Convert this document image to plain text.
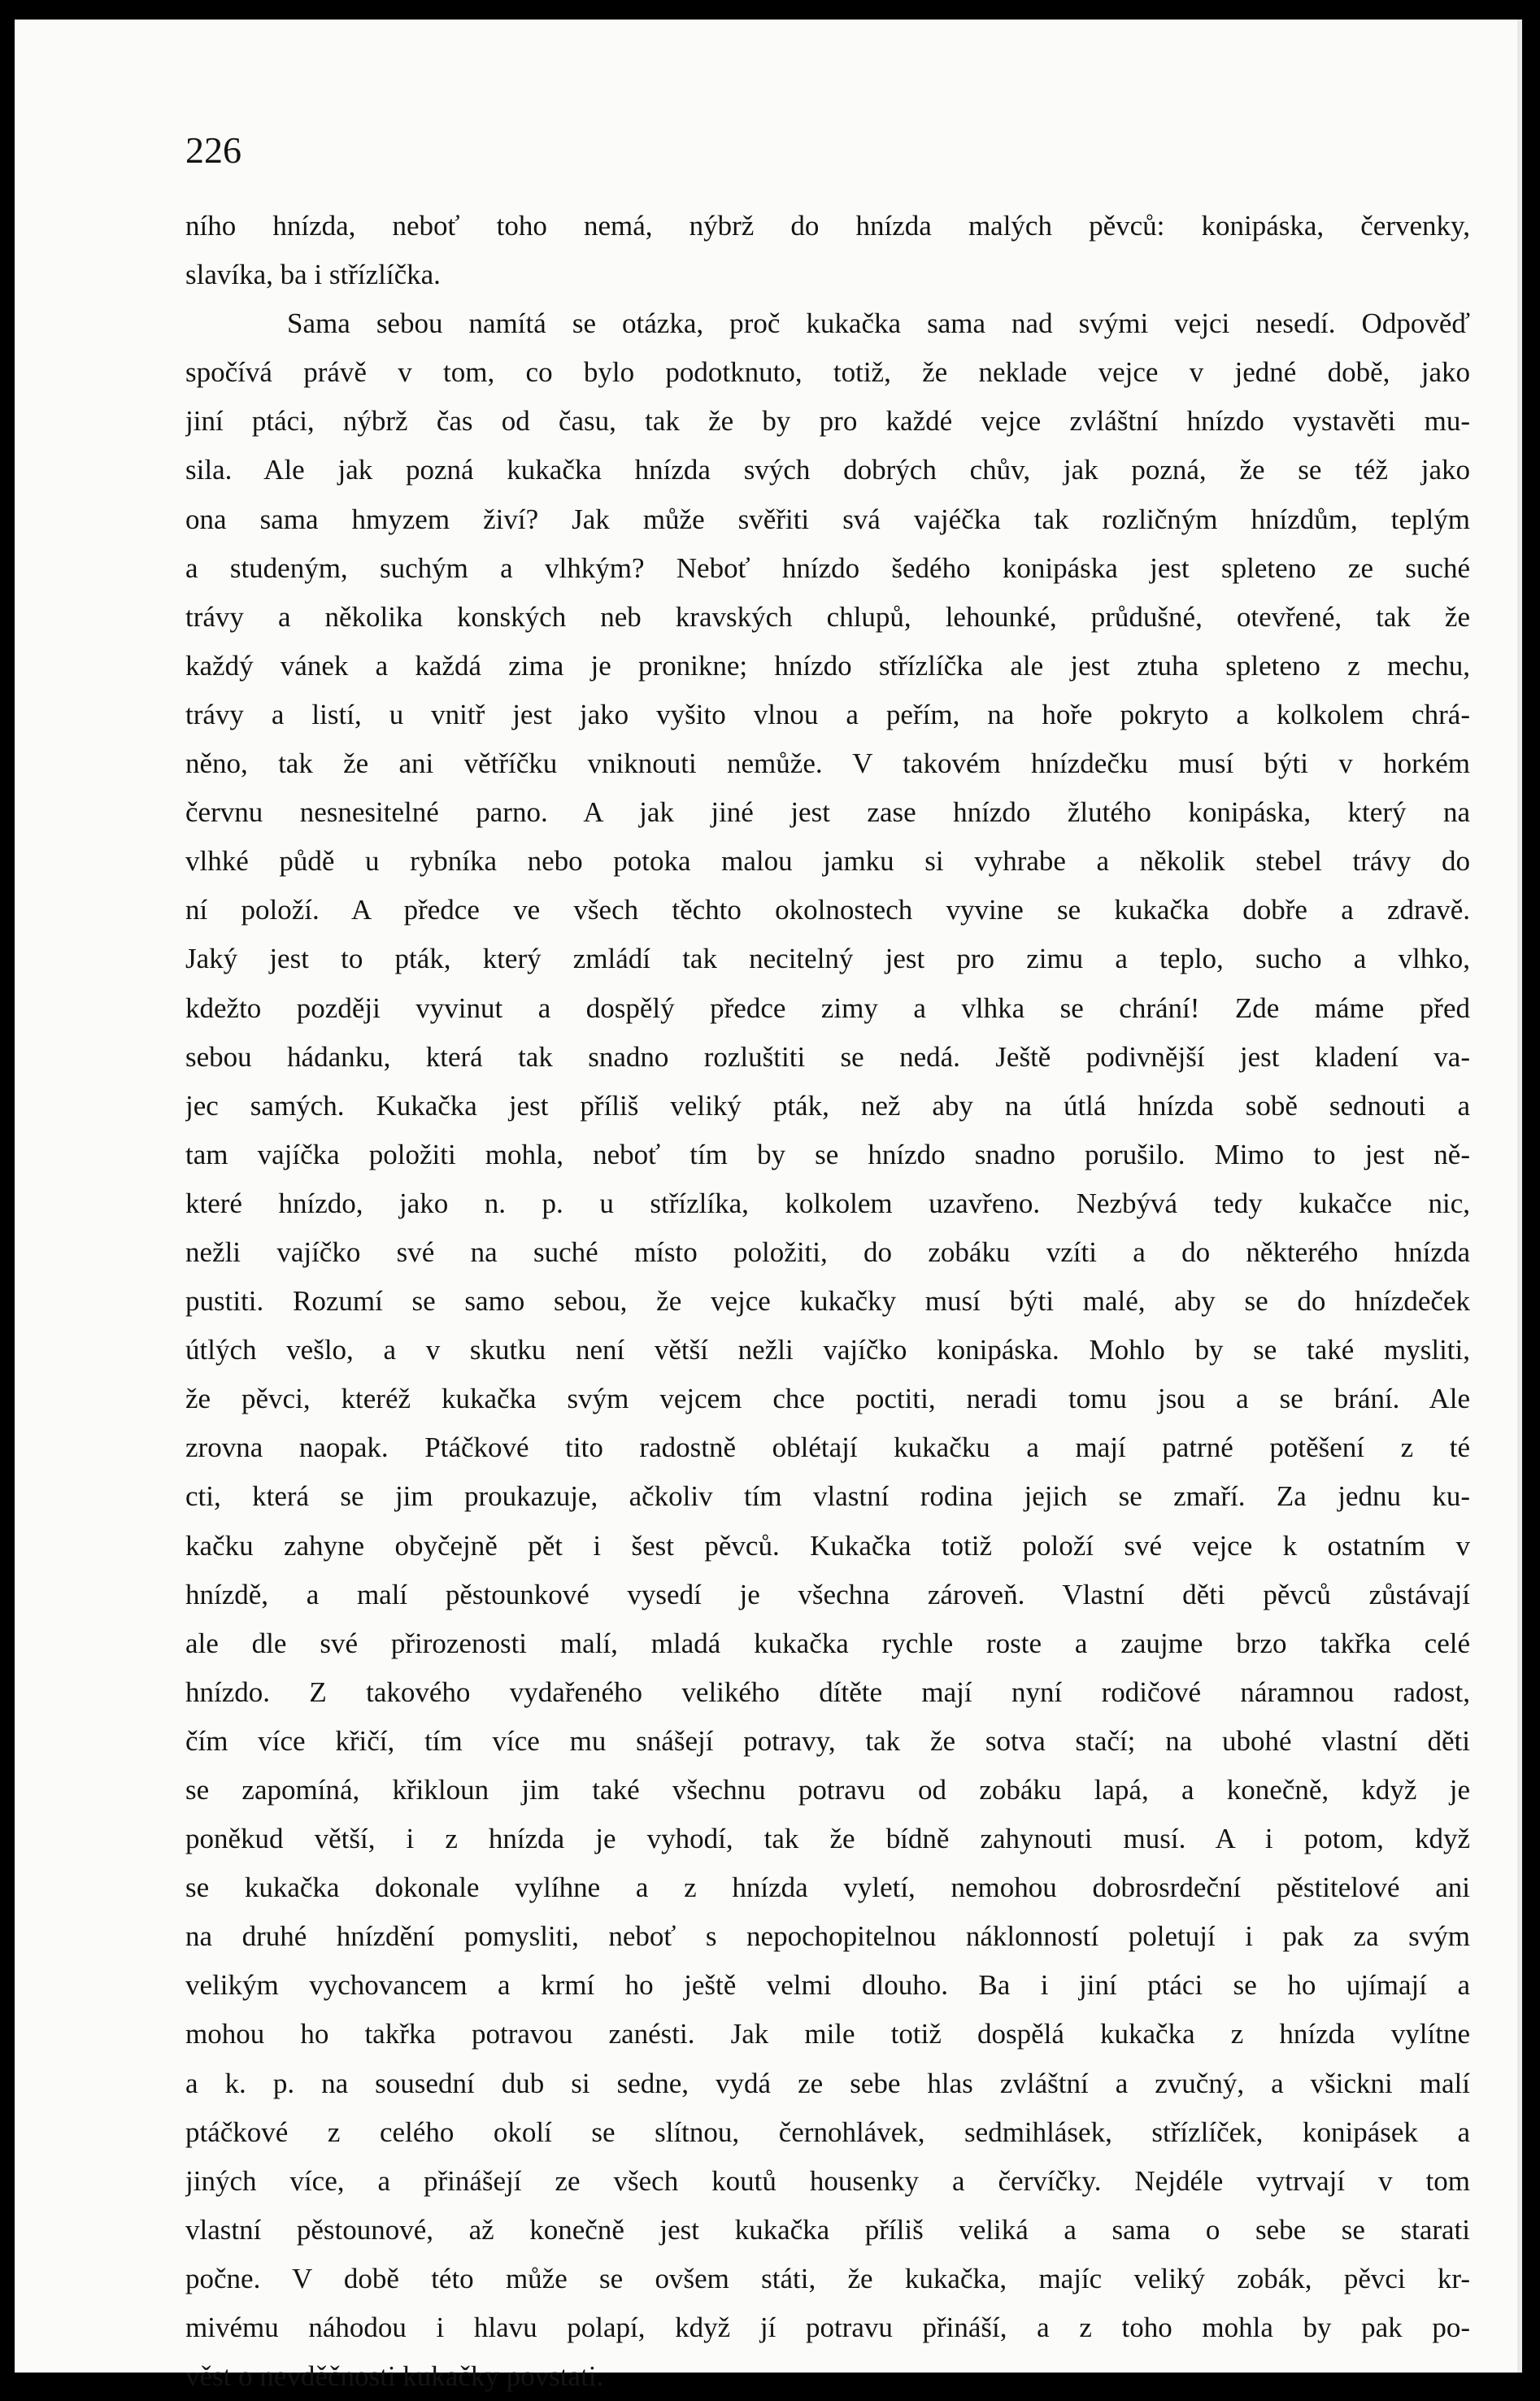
226
ního hnízda, neboť toho nemá, nýbrž do hnízda malých pěvců: konipáska, červenky,
slavíka, ba i střízlíčka.
Sama sebou namítá se otázka, proč kukačka sama nad svými vejci nesedí. Odpověď
spočívá právě v tom, co bylo podotknuto, totiž, že neklade vejce v jedné době, jako
jiní ptáci, nýbrž čas od času, tak že by pro každé vejce zvláštní hnízdo vystavěti mu-
sila. Ale jak pozná kukačka hnízda svých dobrých chův, jak pozná, že se též jako
ona sama hmyzem živí? Jak může svěřiti svá vajéčka tak rozličným hnízdům, teplým
a studeným, suchým a vlhkým? Neboť hnízdo šedého konipáska jest spleteno ze suché
trávy a několika konských neb kravských chlupů, lehounké, průdušné, otevřené, tak že
každý vánek a každá zima je pronikne; hnízdo střízlíčka ale jest ztuha spleteno z mechu,
trávy a listí, u vnitř jest jako vyšito vlnou a peřím, na hoře pokryto a kolkolem chrá-
něno, tak že ani větříčku vniknouti nemůže. V takovém hnízdečku musí býti v horkém
červnu nesnesitelné parno. A jak jiné jest zase hnízdo žlutého konipáska, který na
vlhké půdě u rybníka nebo potoka malou jamku si vyhrabe a několik stebel trávy do
ní položí. A předce ve všech těchto okolnostech vyvine se kukačka dobře a zdravě.
Jaký jest to pták, který zmládí tak necitelný jest pro zimu a teplo, sucho a vlhko,
kdežto později vyvinut a dospělý předce zimy a vlhka se chrání! Zde máme před
sebou hádanku, která tak snadno rozluštiti se nedá. Ještě podivnější jest kladení va-
jec samých. Kukačka jest příliš veliký pták, než aby na útlá hnízda sobě sednouti a
tam vajíčka položiti mohla, neboť tím by se hnízdo snadno porušilo. Mimo to jest ně-
které hnízdo, jako n. p. u střízlíka, kolkolem uzavřeno. Nezbývá tedy kukačce nic,
nežli vajíčko své na suché místo položiti, do zobáku vzíti a do některého hnízda
pustiti. Rozumí se samo sebou, že vejce kukačky musí býti malé, aby se do hnízdeček
útlých vešlo, a v skutku není větší nežli vajíčko konipáska. Mohlo by se také mysliti,
že pěvci, kteréž kukačka svým vejcem chce poctiti, neradi tomu jsou a se brání. Ale
zrovna naopak. Ptáčkové tito radostně oblétají kukačku a mají patrné potěšení z té
cti, která se jim proukazuje, ačkoliv tím vlastní rodina jejich se zmaří. Za jednu ku-
kačku zahyne obyčejně pět i šest pěvců. Kukačka totiž položí své vejce k ostatním v
hnízdě, a malí pěstounkové vysedí je všechna zároveň. Vlastní děti pěvců zůstávají
ale dle své přirozenosti malí, mladá kukačka rychle roste a zaujme brzo takřka celé
hnízdo. Z takového vydařeného velikého dítěte mají nyní rodičové náramnou radost,
čím více křičí, tím více mu snášejí potravy, tak že sotva stačí; na ubohé vlastní děti
se zapomíná, křikloun jim také všechnu potravu od zobáku lapá, a konečně, když je
poněkud větší, i z hnízda je vyhodí, tak že bídně zahynouti musí. A i potom, když
se kukačka dokonale vylíhne a z hnízda vyletí, nemohou dobrosrdeční pěstitelové ani
na druhé hnízdění pomysliti, neboť s nepochopitelnou náklonností poletují i pak za svým
velikým vychovancem a krmí ho ještě velmi dlouho. Ba i jiní ptáci se ho ujímají a
mohou ho takřka potravou zanésti. Jak mile totiž dospělá kukačka z hnízda vylítne
a k. p. na sousední dub si sedne, vydá ze sebe hlas zvláštní a zvučný, a všickni malí
ptáčkové z celého okolí se slítnou, černohlávek, sedmihlásek, střízlíček, konipásek a
jiných více, a přinášejí ze všech koutů housenky a červíčky. Nejdéle vytrvají v tom
vlastní pěstounové, až konečně jest kukačka příliš veliká a sama o sebe se starati
počne. V době této může se ovšem státi, že kukačka, majíc veliký zobák, pěvci kr-
mivému náhodou i hlavu polapí, když jí potravu přináší, a z toho mohla by pak po-
věst o nevděčnosti kukačky povstati.
